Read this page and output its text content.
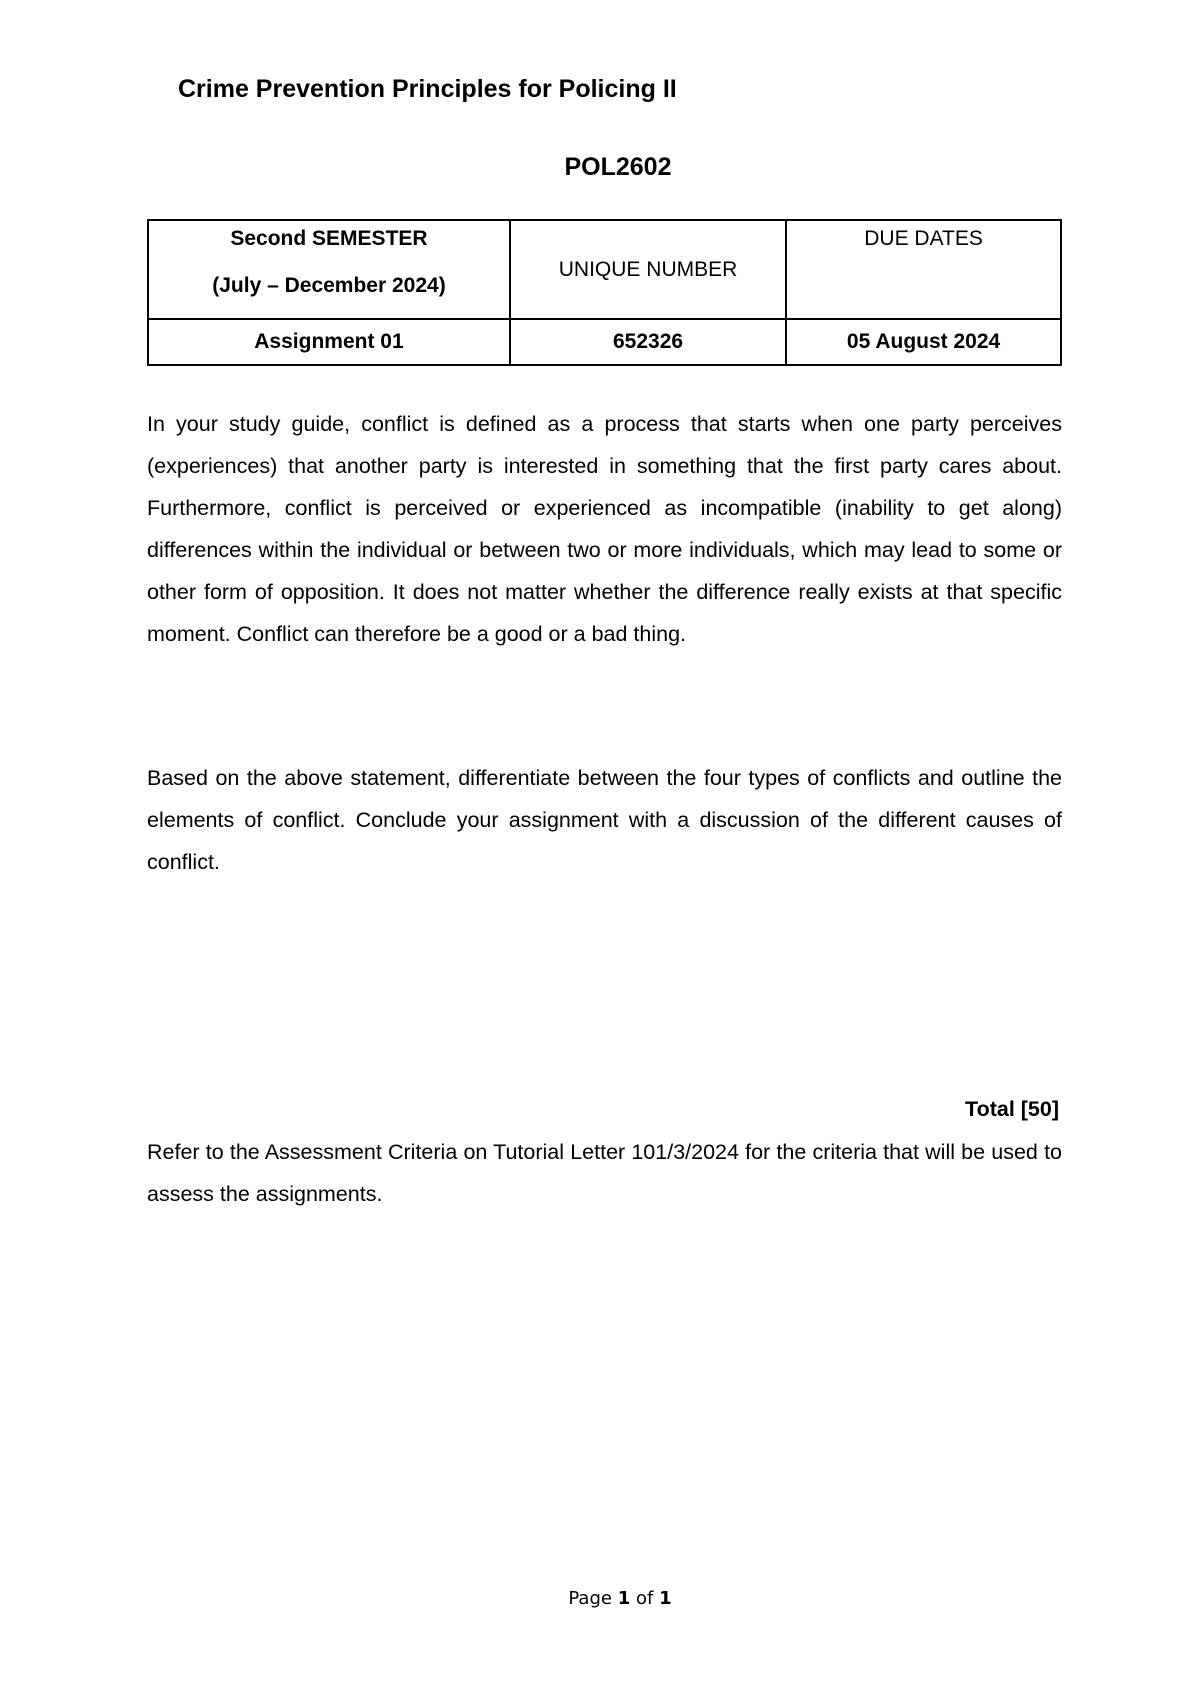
Crime Prevention Principles for Policing II
POL2602
Second SEMESTER
(July – December 2024)	UNIQUE NUMBER	DUE DATES

Assignment 01	652326	05 August 2024

In your study guide, conflict is defined as a process that starts when one party perceives (experiences) that another party is interested in something that the first party cares about. Furthermore, conflict is perceived or experienced as incompatible (inability to get along) differences within the individual or between two or more individuals, which may lead to some or other form of opposition. It does not matter whether the difference really exists at that specific moment. Conflict can therefore be a good or a bad thing.

Based on the above statement, differentiate between the four types of conflicts and outline the elements of conflict. Conclude your assignment with a discussion of the different causes of conflict.

Total [50]

Refer to the Assessment Criteria on Tutorial Letter 101/3/2024 for the criteria that will be used to assess the assignments.

Page 1 of 1
